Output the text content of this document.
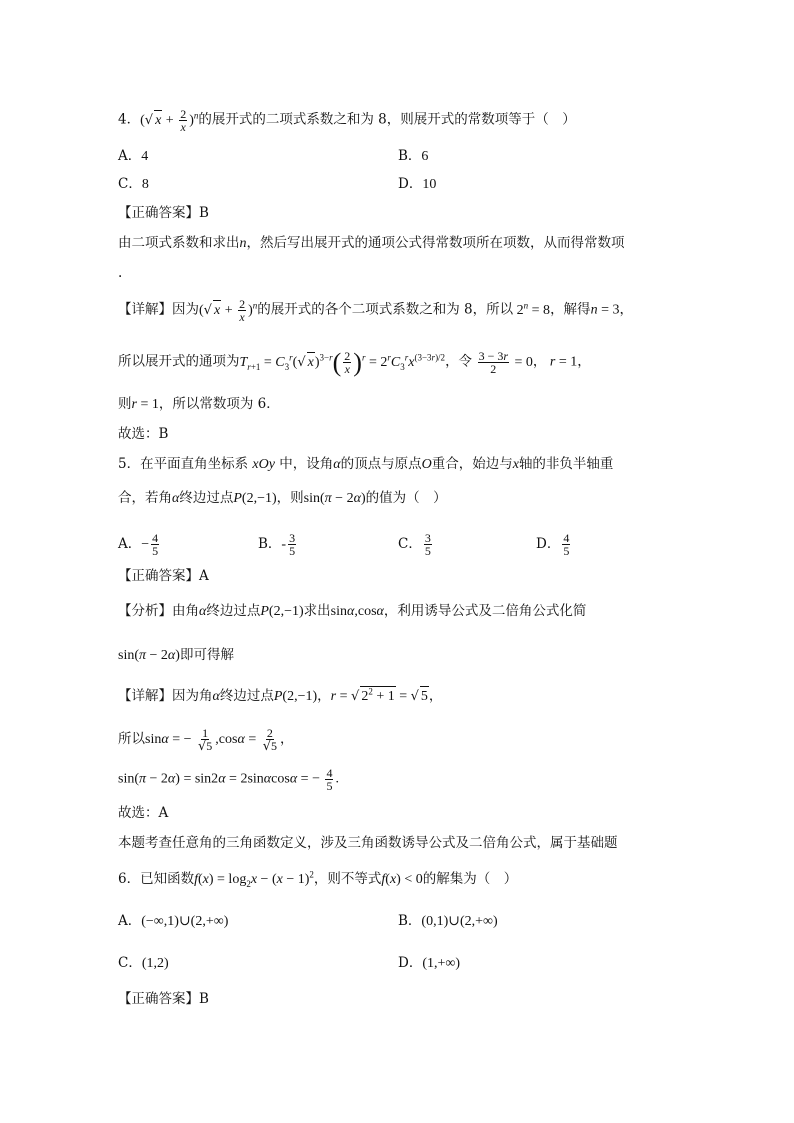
4．(√ $x + \frac{2}{x} )^n$的展开式的二项式系数之和为 8，则展开式的常数项等于（　）
A．4	B．6
C．8	D．10
【正确答案】B
由二项式系数和求出n，然后写出展开式的通项公式得常数项所在项数，从而得常数项
.
【详解】因为(√ $x + \frac{2}{x} )^n$的展开式的各个二项式系数之和为 8，所以 $2^n = 8$，解得n = 3，
所以展开式的通项为$T_{r+1} = C_3^r(√$ $x)^{3-r}( \frac{2}{x} )^r = 2^rC_3^rx^{(3-3r)/2}$，令 $\frac{3 - 3r}{2} = 0$， r = 1，
则r = 1，所以常数项为 6．
故选：B
5．在平面直角坐标系 xOy 中，设角α的顶点与原点O重合，始边与x轴的非负半轴重
合，若角α终边过点P(2,−1)，则sin(π − 2α)的值为（　）
A．− $\frac{4}{5}$	B．- $\frac{3}{5}$	C． $\frac{3}{5}$	D． $\frac{4}{5}$
【正确答案】A
【分析】由角α终边过点P(2,−1)求出sinα,cosα，利用诱导公式及二倍角公式化简
sin(π − 2α)即可得解
【详解】因为角α终边过点P(2,−1)，r = √ $2^2 + 1$ = √ 5，
所以sinα = − $\frac{1}{√5} ,\cos\alpha = \frac{2}{√5}$ ，
sin(π − 2α) = sin2α = 2sinαcosα = − $\frac{4}{5}$ .
故选：A
本题考查任意角的三角函数定义，涉及三角函数诱导公式及二倍角公式，属于基础题
6．已知函数$f(x) = \log_2x - (x - 1)^2$，则不等式f(x) < 0的解集为（　）
A．(−∞,1)∪(2,+∞)	B．(0,1)∪(2,+∞)
C．(1,2)	D．(1,+∞)
【正确答案】B
